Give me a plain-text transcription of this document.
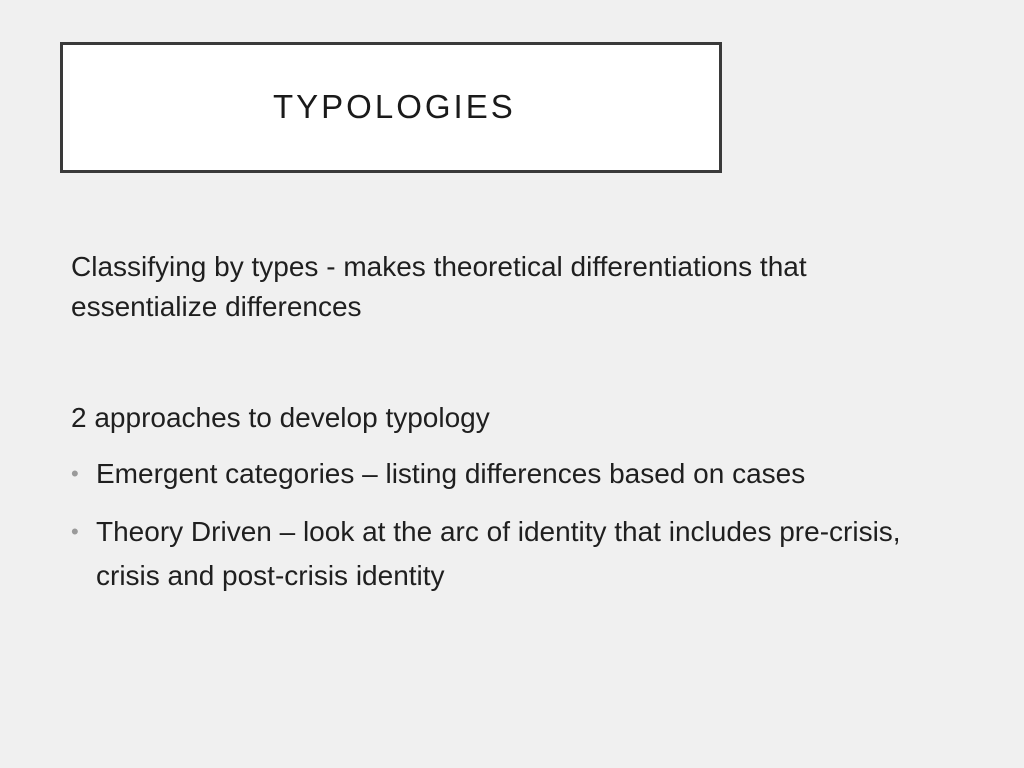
TYPOLOGIES

Classifying by types - makes theoretical differentiations that essentialize differences

2 approaches to develop typology

• Emergent categories – listing differences based on cases
• Theory Driven – look at the arc of identity that includes pre-crisis, crisis and post-crisis identity
